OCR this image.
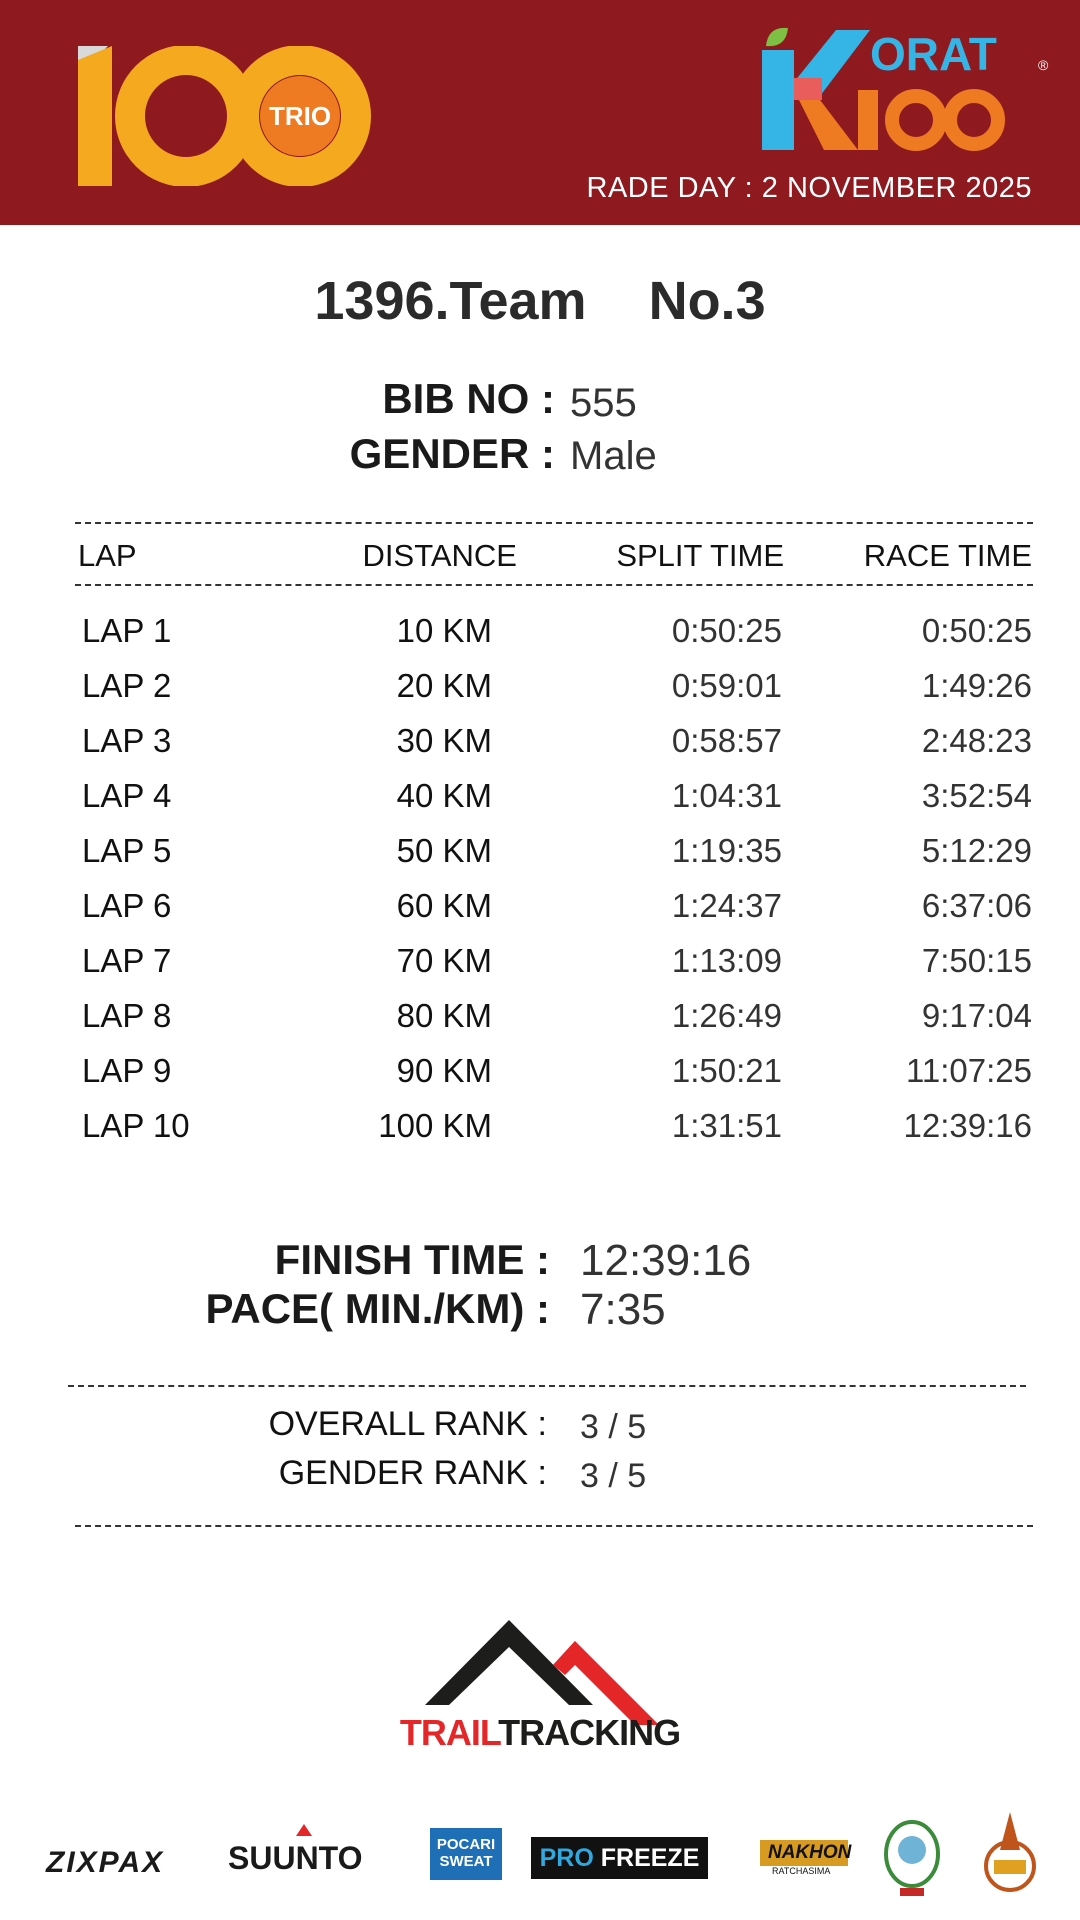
TRIO
ORAT	®
RADE DAY : 2 NOVEMBER 2025
1396.Team No.3
BIB NO : 555
GENDER : Male
LAP	DISTANCE	SPLIT TIME	RACE TIME
LAP 1	10 KM	0:50:25	0:50:25
LAP 2	20 KM	0:59:01	1:49:26
LAP 3	30 KM	0:58:57	2:48:23
LAP 4	40 KM	1:04:31	3:52:54
LAP 5	50 KM	1:19:35	5:12:29
LAP 6	60 KM	1:24:37	6:37:06
LAP 7	70 KM	1:13:09	7:50:15
LAP 8	80 KM	1:26:49	9:17:04
LAP 9	90 KM	1:50:21	11:07:25
LAP 10	100 KM	1:31:51	12:39:16
FINISH TIME : 12:39:16
PACE( MIN./KM) : 7:35
OVERALL RANK : 3 / 5
GENDER RANK : 3 / 5
TRAILTRACKING
ZIXPAX SUUNTO	POCARI
SWEAT	PRO FREEZE	NAKHON
RATCHASIMA
